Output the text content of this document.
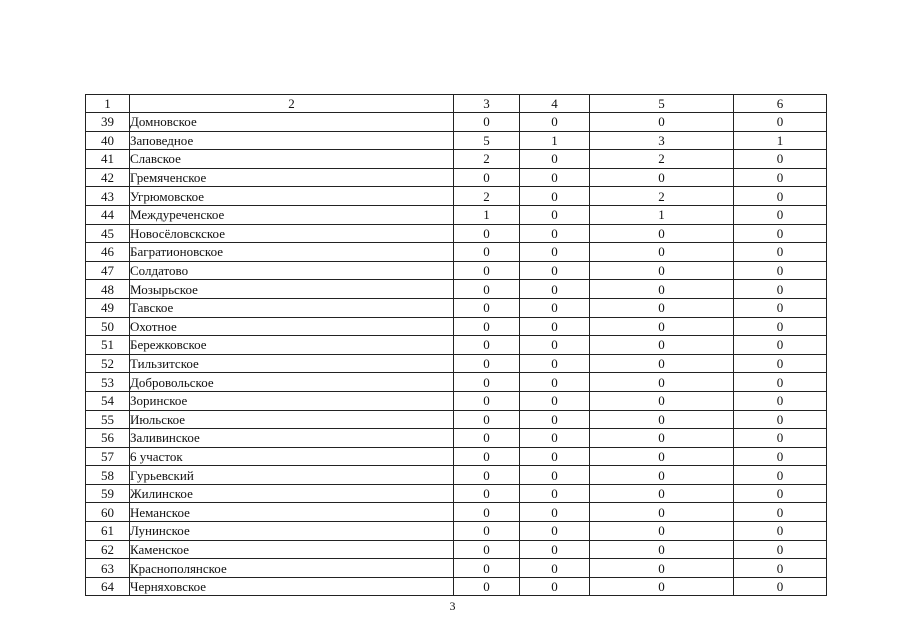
1	2	3	4	5	6
39	Домновское	0	0	0	0
40	Заповедное	5	1	3	1
41	Славское	2	0	2	0
42	Гремяченское	0	0	0	0
43	Угрюмовское	2	0	2	0
44	Междуреченское	1	0	1	0
45	Новосёловскское	0	0	0	0
46	Багратионовское	0	0	0	0
47	Солдатово	0	0	0	0
48	Мозырьское	0	0	0	0
49	Тавское	0	0	0	0
50	Охотное	0	0	0	0
51	Бережковское	0	0	0	0
52	Тильзитское	0	0	0	0
53	Добровольское	0	0	0	0
54	Зоринское	0	0	0	0
55	Июльское	0	0	0	0
56	Заливинское	0	0	0	0
57	6 участок	0	0	0	0
58	Гурьевский	0	0	0	0
59	Жилинское	0	0	0	0
60	Неманское	0	0	0	0
61	Лунинское	0	0	0	0
62	Каменское	0	0	0	0
63	Краснополянское	0	0	0	0
64	Черняховское	0	0	0	0
3
